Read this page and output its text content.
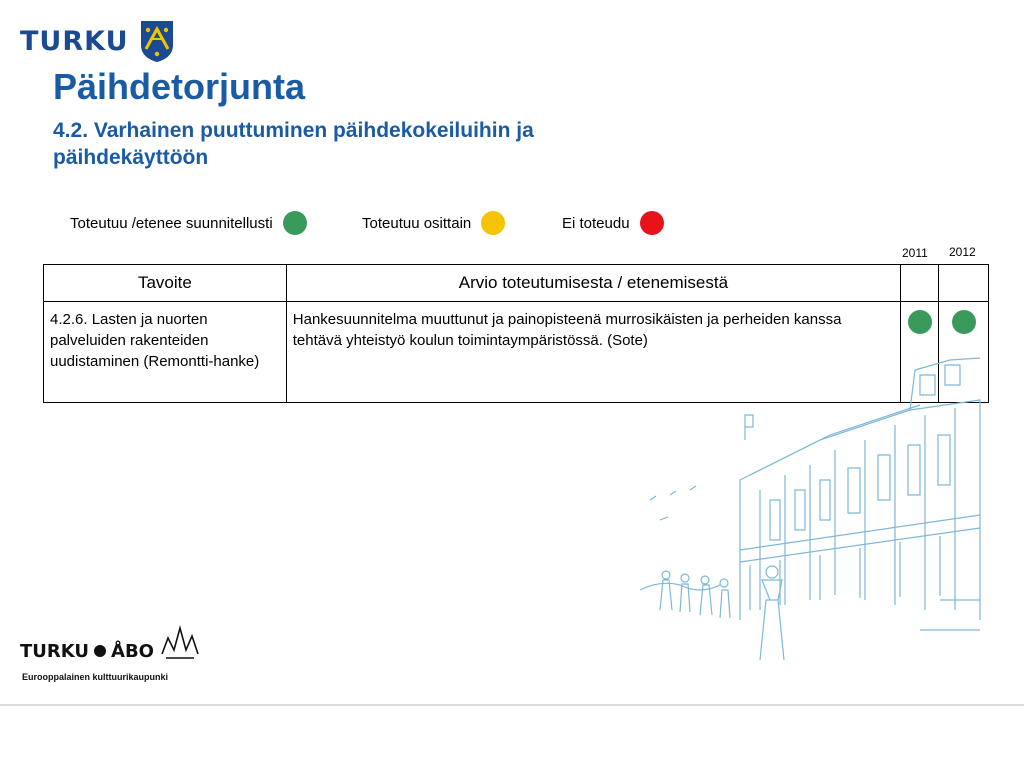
TURKU
Päihdetorjunta
4.2. Varhainen puuttuminen päihdekokeiluihin ja päihdekäyttöön
Toteutuu /etenee suunnitellusti	Toteutuu osittain	Ei toteudu
2011 2012
Tavoite	Arvio toteutumisesta / etenemisestä		
4.2.6. Lasten ja nuorten palveluiden rakenteiden uudistaminen (Remontti-hanke)	Hankesuunnitelma muuttunut ja painopisteenä murrosikäisten ja perheiden kanssa tehtävä yhteistyö koulun toimintaympäristössä. (Sote)		
TURKU ÅBO
Eurooppalainen kulttuurikaupunki
